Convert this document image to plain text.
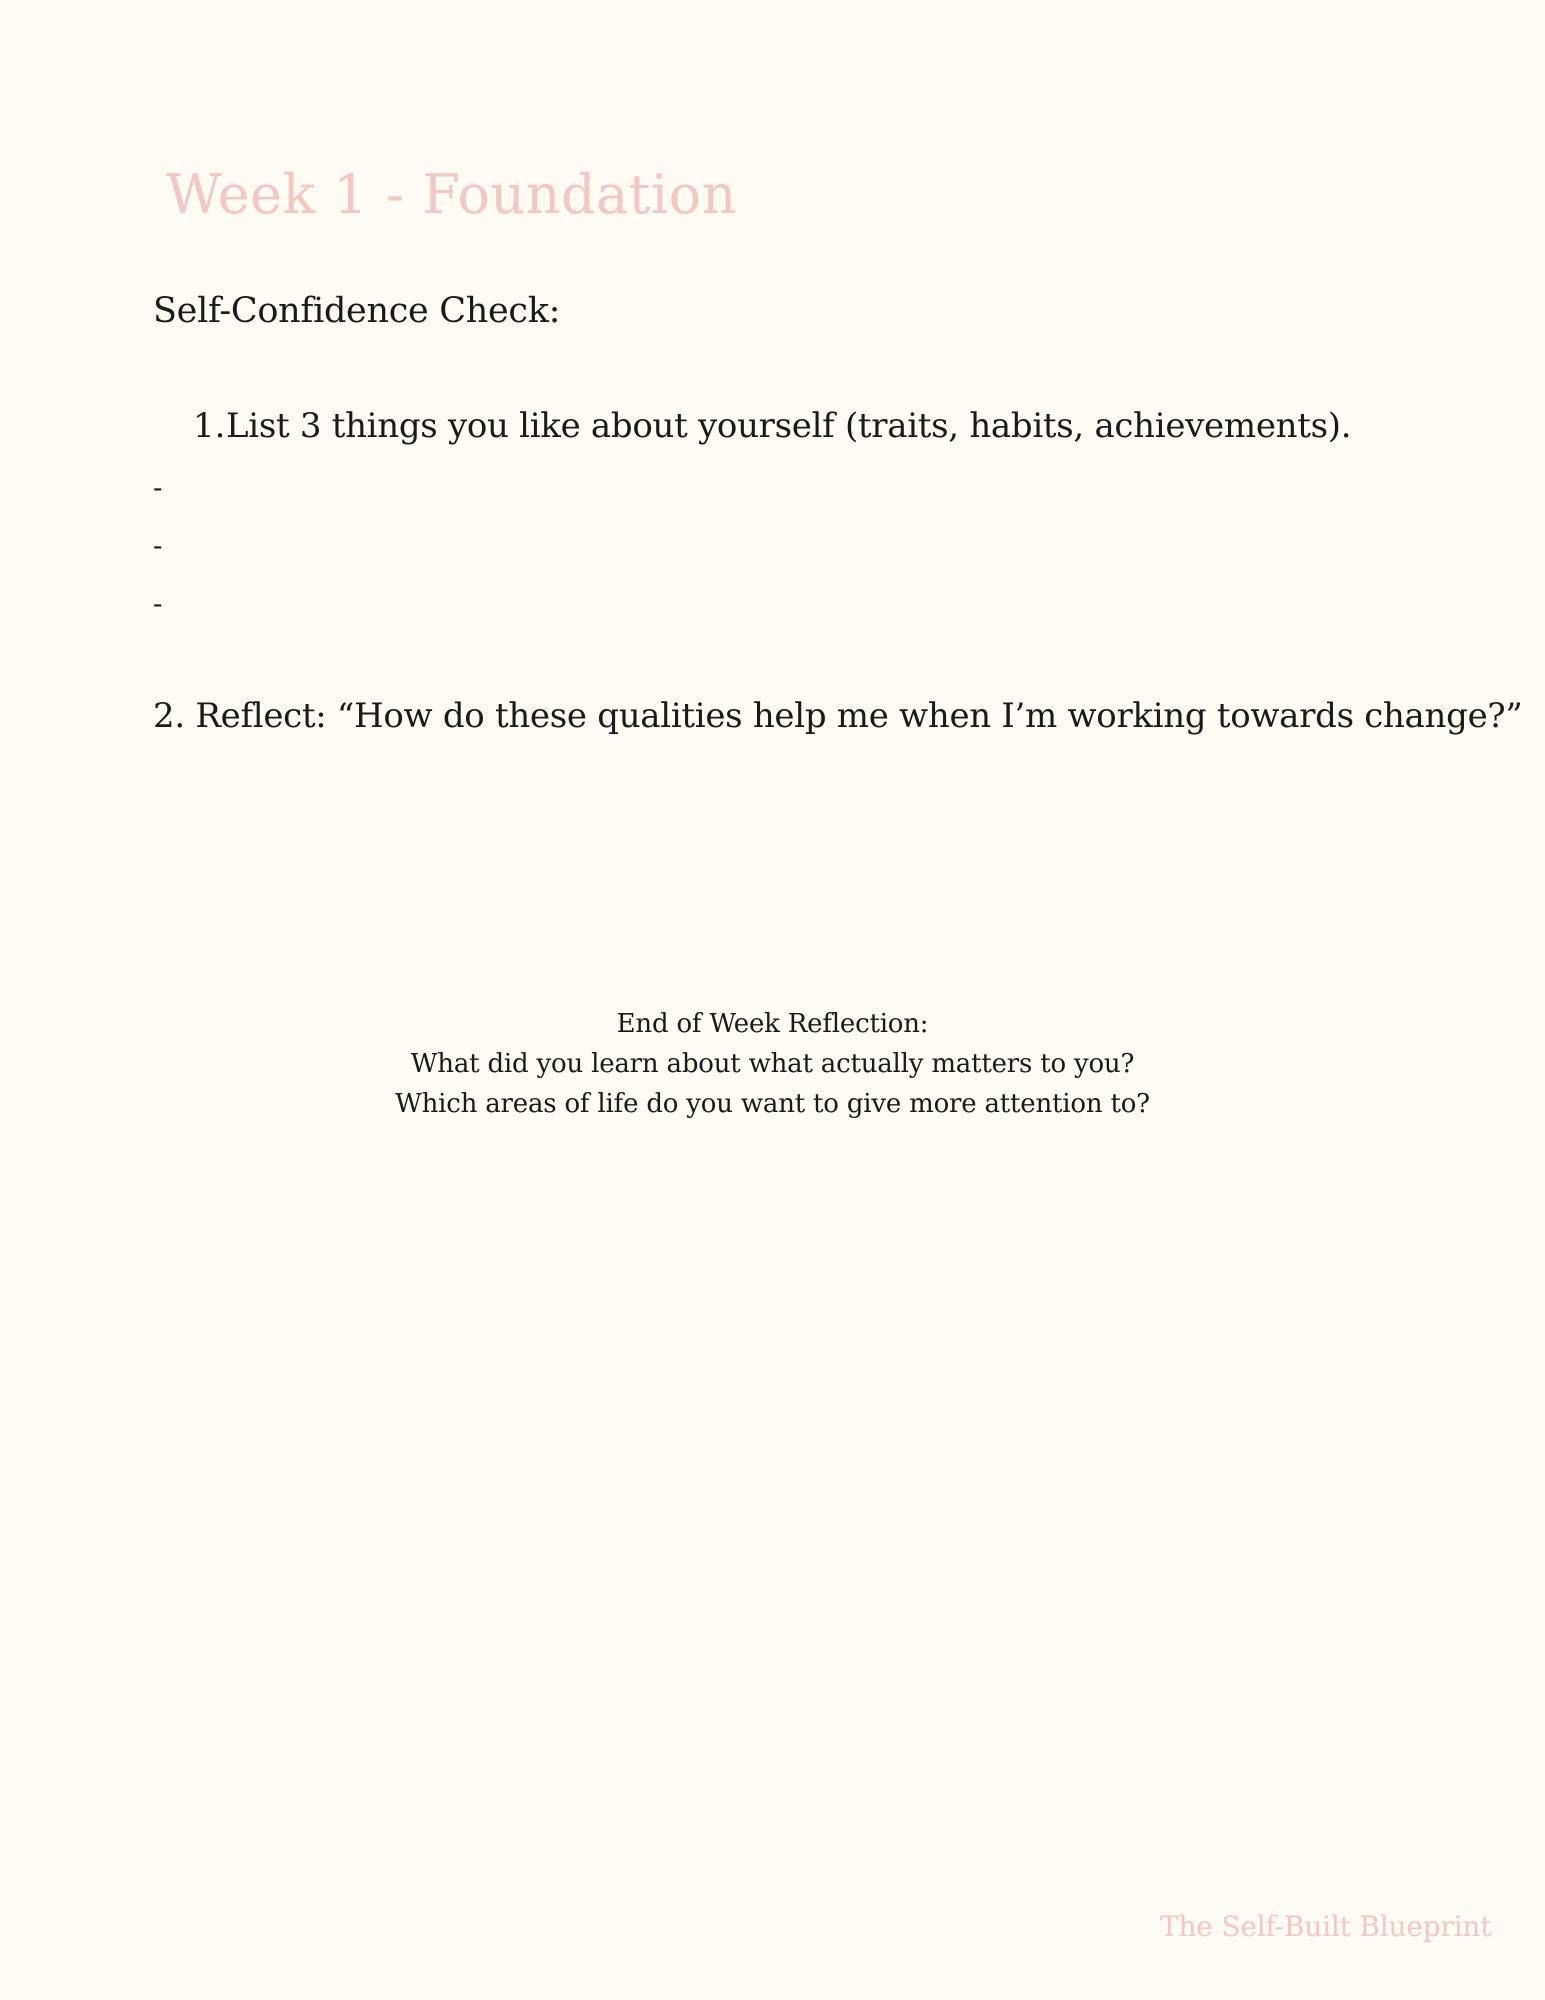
Week 1 - Foundation
Self-Confidence Check:
1. List 3 things you like about yourself (traits, habits, achievements).
-
-
-
2. Reflect: “How do these qualities help me when I’m working towards change?”
End of Week Reflection:
What did you learn about what actually matters to you?
Which areas of life do you want to give more attention to?
The Self-Built Blueprint
